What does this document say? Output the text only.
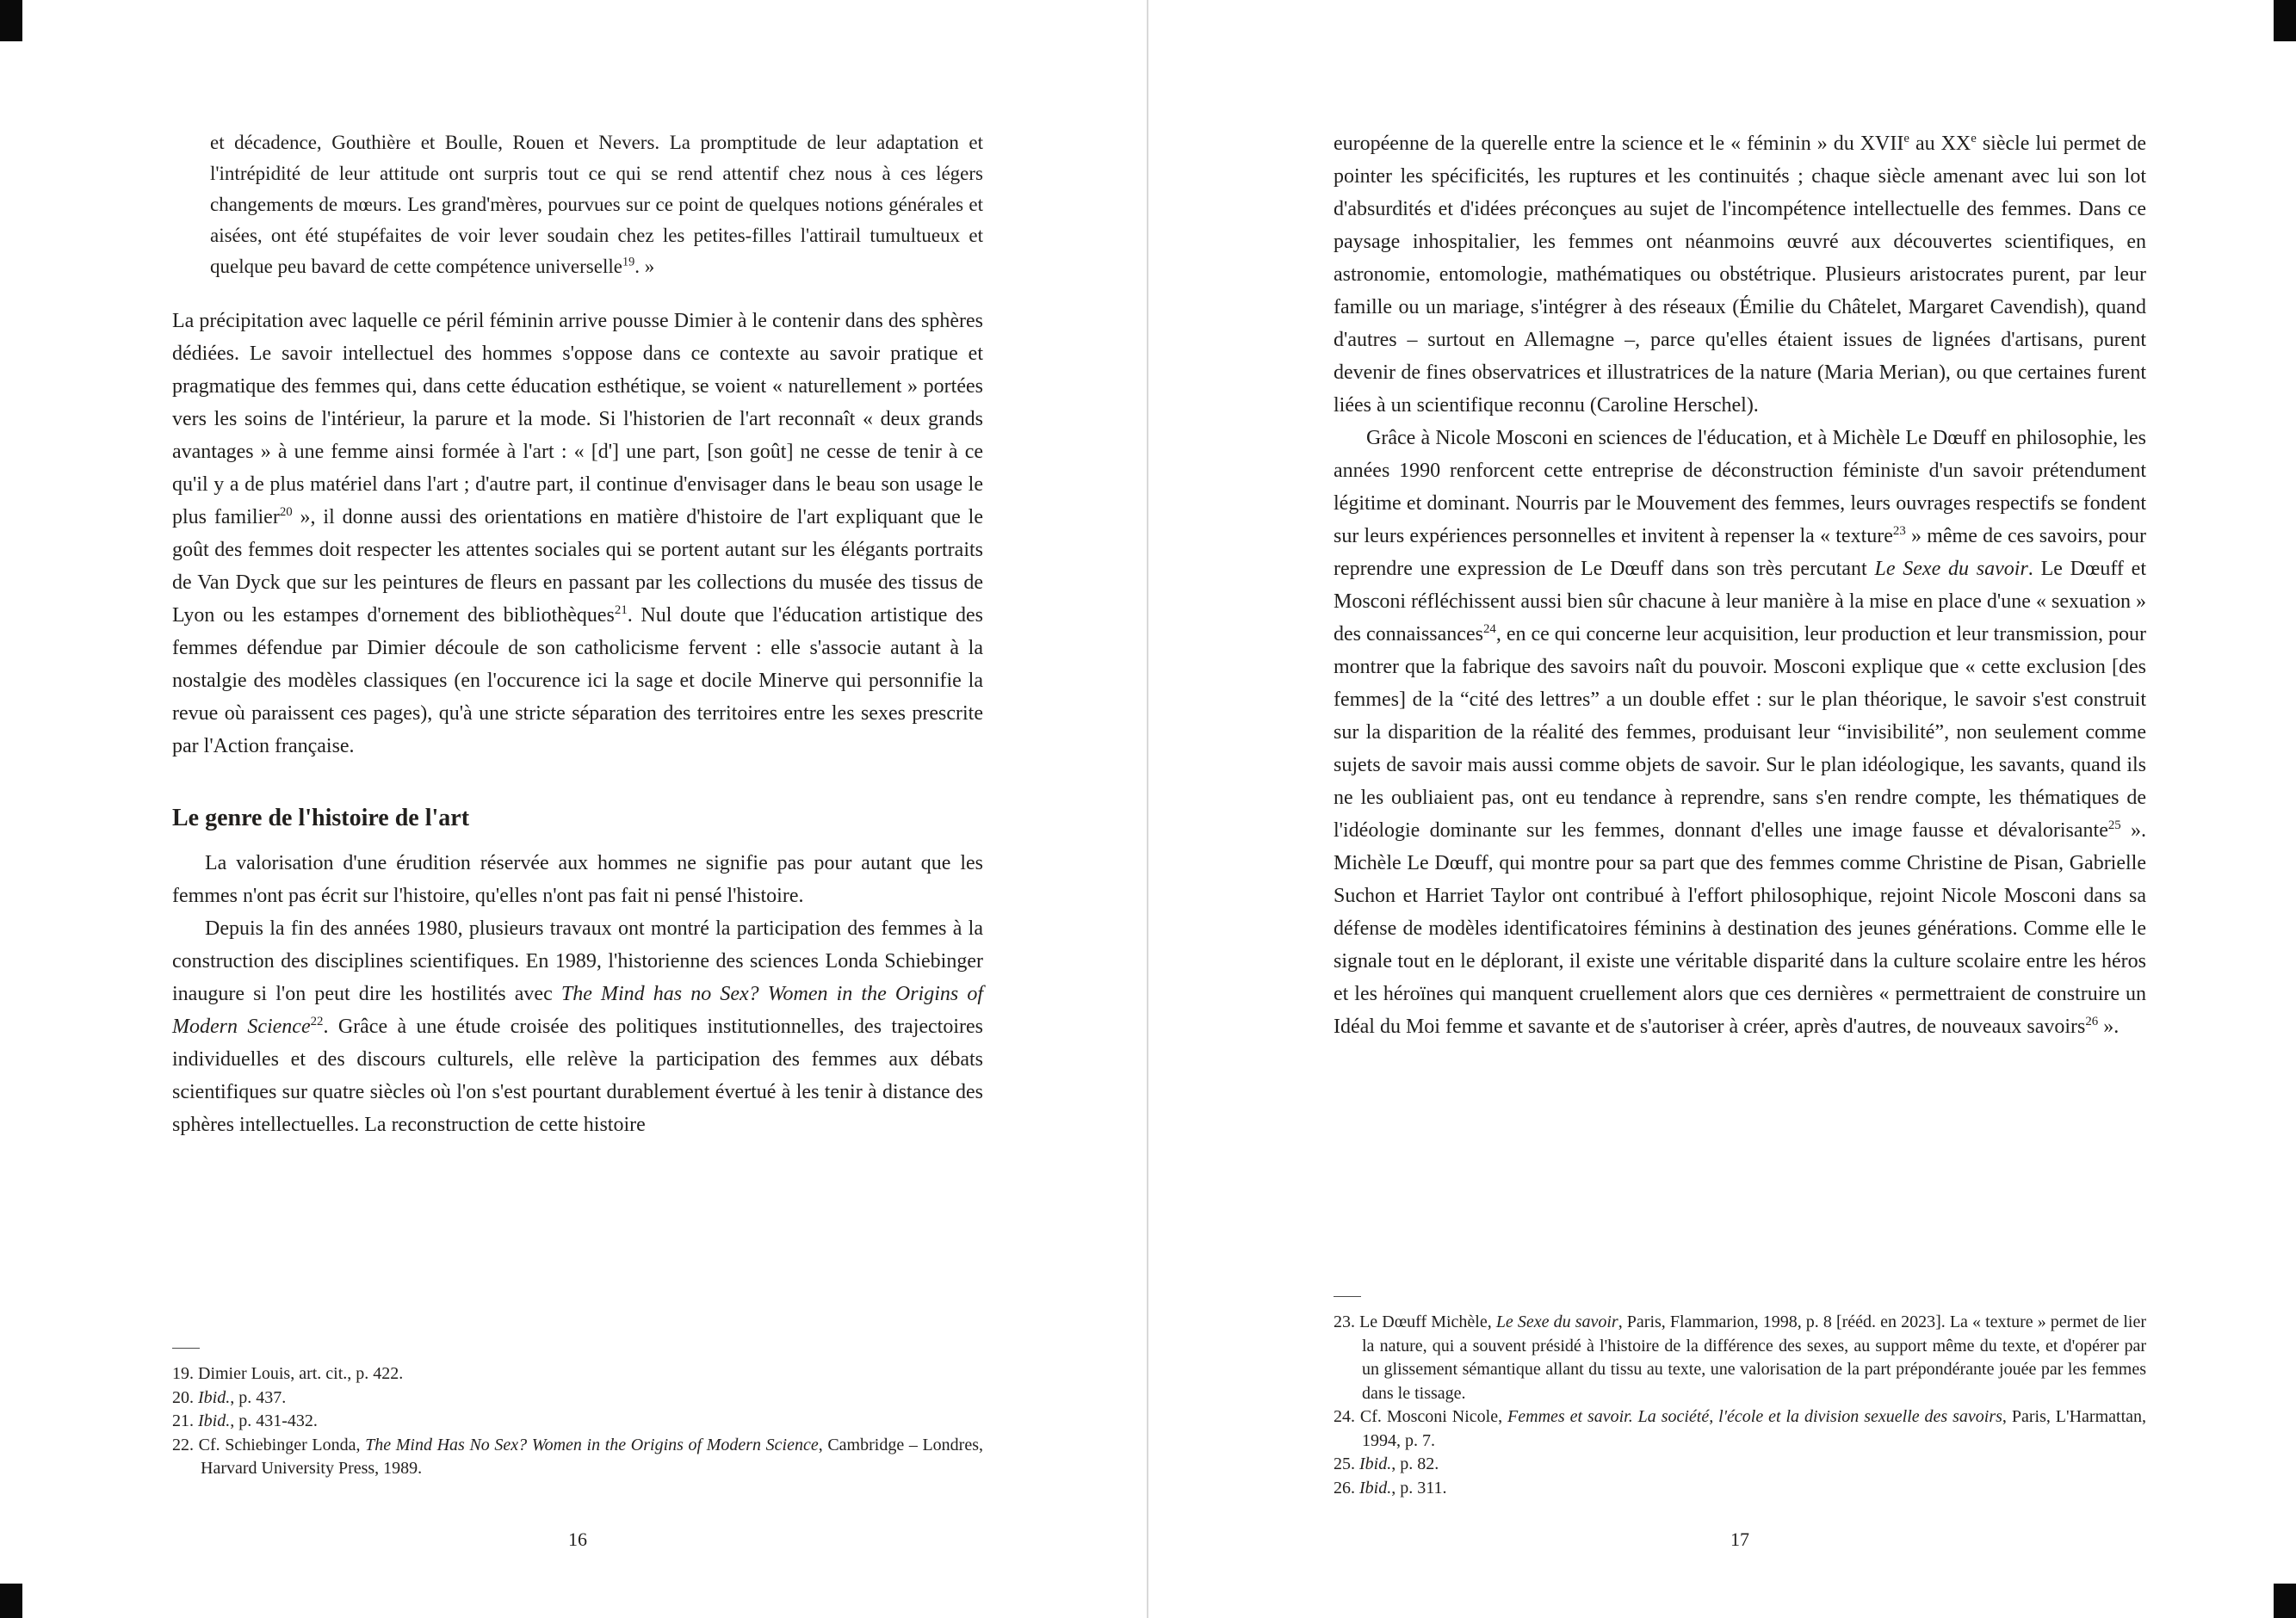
et décadence, Gouthière et Boulle, Rouen et Nevers. La promptitude de leur adaptation et l'intrépidité de leur attitude ont surpris tout ce qui se rend attentif chez nous à ces légers changements de mœurs. Les grand'mères, pourvues sur ce point de quelques notions générales et aisées, ont été stupéfaites de voir lever soudain chez les petites-filles l'attirail tumultueux et quelque peu bavard de cette compétence universelle$^{19}$. »

La précipitation avec laquelle ce péril féminin arrive pousse Dimier à le contenir dans des sphères dédiées. Le savoir intellectuel des hommes s'oppose dans ce contexte au savoir pratique et pragmatique des femmes qui, dans cette éducation esthétique, se voient « naturellement » portées vers les soins de l'intérieur, la parure et la mode. Si l'historien de l'art reconnaît « deux grands avantages » à une femme ainsi formée à l'art : « [d'] une part, [son goût] ne cesse de tenir à ce qu'il y a de plus matériel dans l'art ; d'autre part, il continue d'envisager dans le beau son usage le plus familier$^{20}$ », il donne aussi des orientations en matière d'histoire de l'art expliquant que le goût des femmes doit respecter les attentes sociales qui se portent autant sur les élégants portraits de Van Dyck que sur les peintures de fleurs en passant par les collections du musée des tissus de Lyon ou les estampes d'ornement des bibliothèques$^{21}$. Nul doute que l'éducation artistique des femmes défendue par Dimier découle de son catholicisme fervent : elle s'associe autant à la nostalgie des modèles classiques (en l'occurence ici la sage et docile Minerve qui personnifie la revue où paraissent ces pages), qu'à une stricte séparation des territoires entre les sexes prescrite par l'Action française.

Le genre de l'histoire de l'art

La valorisation d'une érudition réservée aux hommes ne signifie pas pour autant que les femmes n'ont pas écrit sur l'histoire, qu'elles n'ont pas fait ni pensé l'histoire.

Depuis la fin des années 1980, plusieurs travaux ont montré la participation des femmes à la construction des disciplines scientifiques. En 1989, l'historienne des sciences Londa Schiebinger inaugure si l'on peut dire les hostilités avec The Mind has no Sex? Women in the Origins of Modern Science$^{22}$. Grâce à une étude croisée des politiques institutionnelles, des trajectoires individuelles et des discours culturels, elle relève la participation des femmes aux débats scientifiques sur quatre siècles où l'on s'est pourtant durablement évertué à les tenir à distance des sphères intellectuelles. La reconstruction de cette histoire

19. Dimier Louis, art. cit., p. 422.

20. Ibid., p. 437.

21. Ibid., p. 431-432.

22. Cf. Schiebinger Londa, The Mind Has No Sex? Women in the Origins of Modern Science, Cambridge – Londres, Harvard University Press, 1989.

16

européenne de la querelle entre la science et le « féminin » du XVIIe au XXe siècle lui permet de pointer les spécificités, les ruptures et les continuités ; chaque siècle amenant avec lui son lot d'absurdités et d'idées préconçues au sujet de l'incompétence intellectuelle des femmes. Dans ce paysage inhospitalier, les femmes ont néanmoins œuvré aux découvertes scientifiques, en astronomie, entomologie, mathématiques ou obstétrique. Plusieurs aristocrates purent, par leur famille ou un mariage, s'intégrer à des réseaux (Émilie du Châtelet, Margaret Cavendish), quand d'autres – surtout en Allemagne –, parce qu'elles étaient issues de lignées d'artisans, purent devenir de fines observatrices et illustratrices de la nature (Maria Merian), ou que certaines furent liées à un scientifique reconnu (Caroline Herschel).

Grâce à Nicole Mosconi en sciences de l'éducation, et à Michèle Le Dœuff en philosophie, les années 1990 renforcent cette entreprise de déconstruction féministe d'un savoir prétendument légitime et dominant. Nourris par le Mouvement des femmes, leurs ouvrages respectifs se fondent sur leurs expériences personnelles et invitent à repenser la « texture$^{23}$ » même de ces savoirs, pour reprendre une expression de Le Dœuff dans son très percutant Le Sexe du savoir. Le Dœuff et Mosconi réfléchissent aussi bien sûr chacune à leur manière à la mise en place d'une « sexuation » des connaissances$^{24}$, en ce qui concerne leur acquisition, leur production et leur transmission, pour montrer que la fabrique des savoirs naît du pouvoir. Mosconi explique que « cette exclusion [des femmes] de la “cité des lettres” a un double effet : sur le plan théorique, le savoir s'est construit sur la disparition de la réalité des femmes, produisant leur “invisibilité”, non seulement comme sujets de savoir mais aussi comme objets de savoir. Sur le plan idéologique, les savants, quand ils ne les oubliaient pas, ont eu tendance à reprendre, sans s'en rendre compte, les thématiques de l'idéologie dominante sur les femmes, donnant d'elles une image fausse et dévalorisante$^{25}$ ». Michèle Le Dœuff, qui montre pour sa part que des femmes comme Christine de Pisan, Gabrielle Suchon et Harriet Taylor ont contribué à l'effort philosophique, rejoint Nicole Mosconi dans sa défense de modèles identificatoires féminins à destination des jeunes générations. Comme elle le signale tout en le déplorant, il existe une véritable disparité dans la culture scolaire entre les héros et les héroïnes qui manquent cruellement alors que ces dernières « permettraient de construire un Idéal du Moi femme et savante et de s'autoriser à créer, après d'autres, de nouveaux savoirs$^{26}$ ».

23. Le Dœuff Michèle, Le Sexe du savoir, Paris, Flammarion, 1998, p. 8 [rééd. en 2023]. La « texture » permet de lier la nature, qui a souvent présidé à l'histoire de la différence des sexes, au support même du texte, et d'opérer par un glissement sémantique allant du tissu au texte, une valorisation de la part prépondérante jouée par les femmes dans le tissage.

24. Cf. Mosconi Nicole, Femmes et savoir. La société, l'école et la division sexuelle des savoirs, Paris, L'Harmattan, 1994, p. 7.

25. Ibid., p. 82.

26. Ibid., p. 311.

17
